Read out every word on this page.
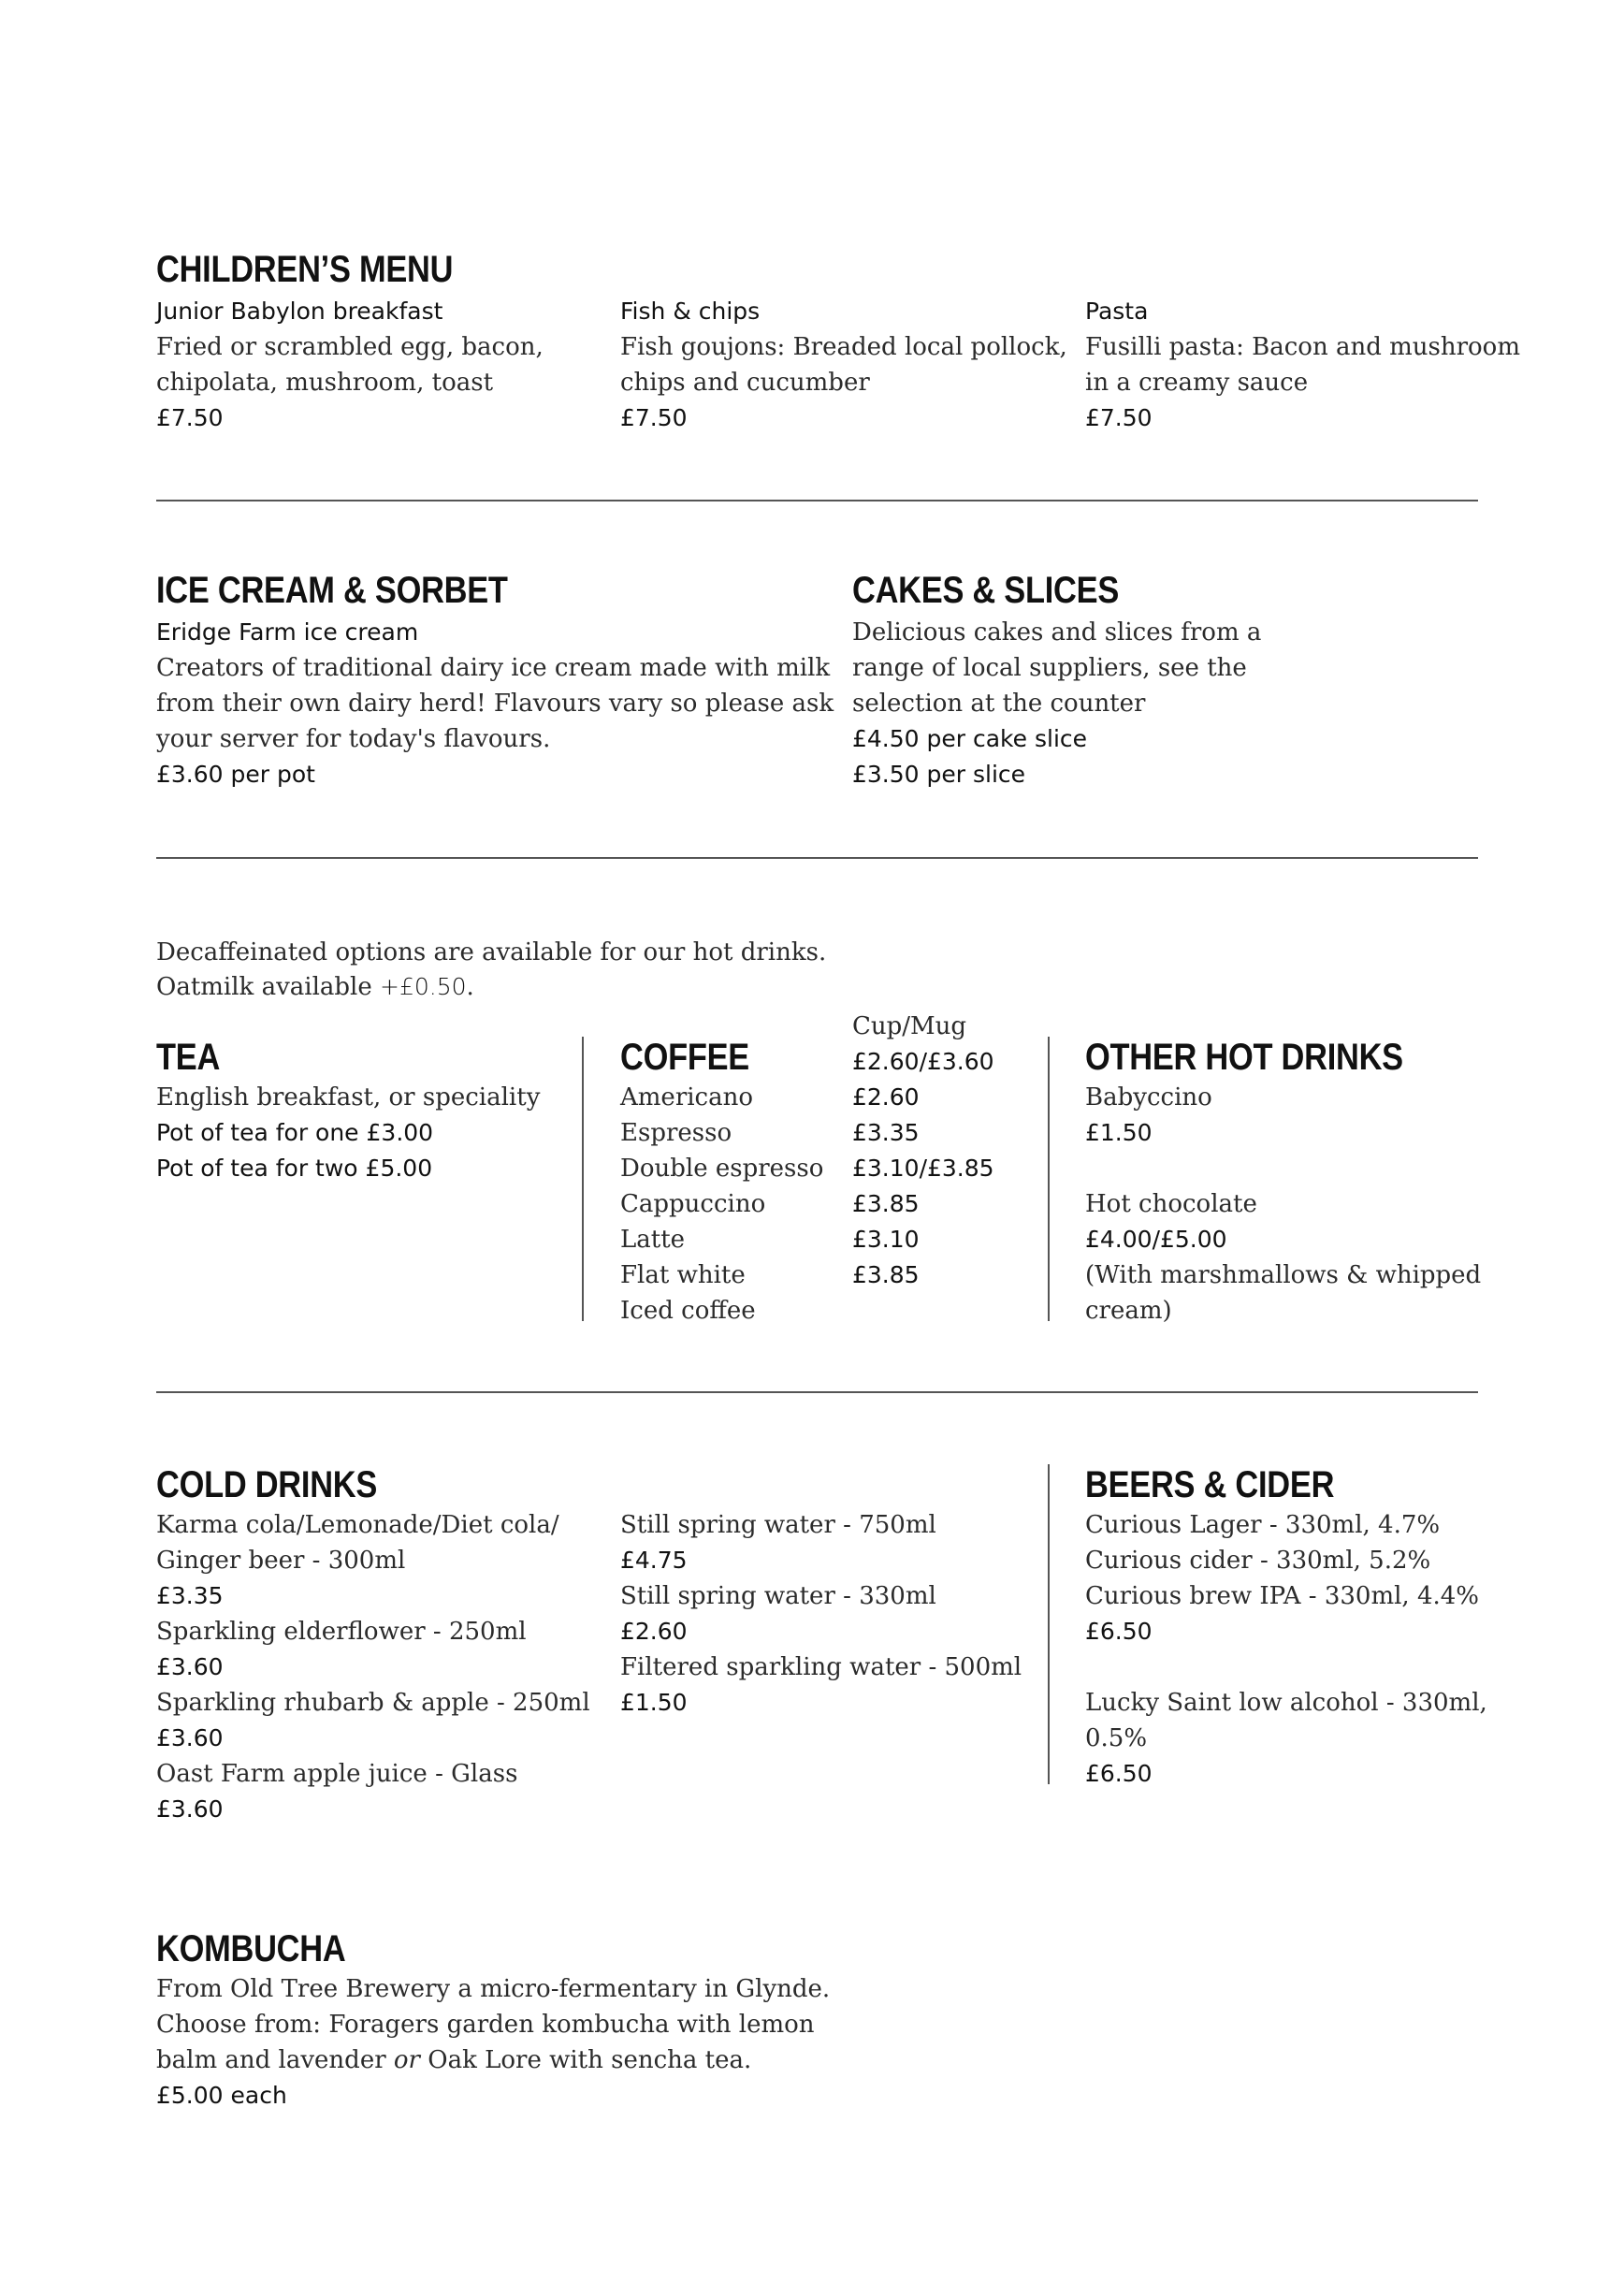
CHILDREN’S MENU
Junior Babylon breakfast
Fried or scrambled egg, bacon,
chipolata, mushroom, toast
£7.50
Fish & chips
Fish goujons: Breaded local pollock,
chips and cucumber
£7.50
Pasta
Fusilli pasta: Bacon and mushroom
in a creamy sauce
£7.50
ICE CREAM & SORBET
Eridge Farm ice cream
Creators of traditional dairy ice cream made with milk
from their own dairy herd! Flavours vary so please ask
your server for today's flavours.
£3.60 per pot
CAKES & SLICES
Delicious cakes and slices from a
range of local suppliers, see the
selection at the counter
£4.50 per cake slice
£3.50 per slice
Decaffeinated options are available for our hot drinks.
Oatmilk available +£0.50.
TEA
English breakfast, or speciality
Pot of tea for one £3.00
Pot of tea for two £5.00
Cup/Mug
COFFEE	£2.60/£3.60
Americano
Espresso
Double espresso
Cappuccino
Latte
Flat white
Iced coffee
£2.60
£3.35
£3.10/£3.85
£3.85
£3.10
£3.85
OTHER HOT DRINKS
Babyccino
£1.50

Hot chocolate
£4.00/£5.00
(With marshmallows & whipped
cream)
COLD DRINKS
Karma cola/Lemonade/Diet cola/
Ginger beer - 300ml
£3.35
Sparkling elderflower - 250ml
£3.60
Sparkling rhubarb & apple - 250ml
£3.60
Oast Farm apple juice - Glass
£3.60
Still spring water - 750ml
£4.75
Still spring water - 330ml
£2.60
Filtered sparkling water - 500ml
£1.50
BEERS & CIDER
Curious Lager - 330ml, 4.7%
Curious cider - 330ml, 5.2%
Curious brew IPA - 330ml, 4.4%
£6.50

Lucky Saint low alcohol - 330ml,
0.5%
£6.50
KOMBUCHA
From Old Tree Brewery a micro-fermentary in Glynde.
Choose from: Foragers garden kombucha with lemon
balm and lavender or Oak Lore with sencha tea.
£5.00 each
